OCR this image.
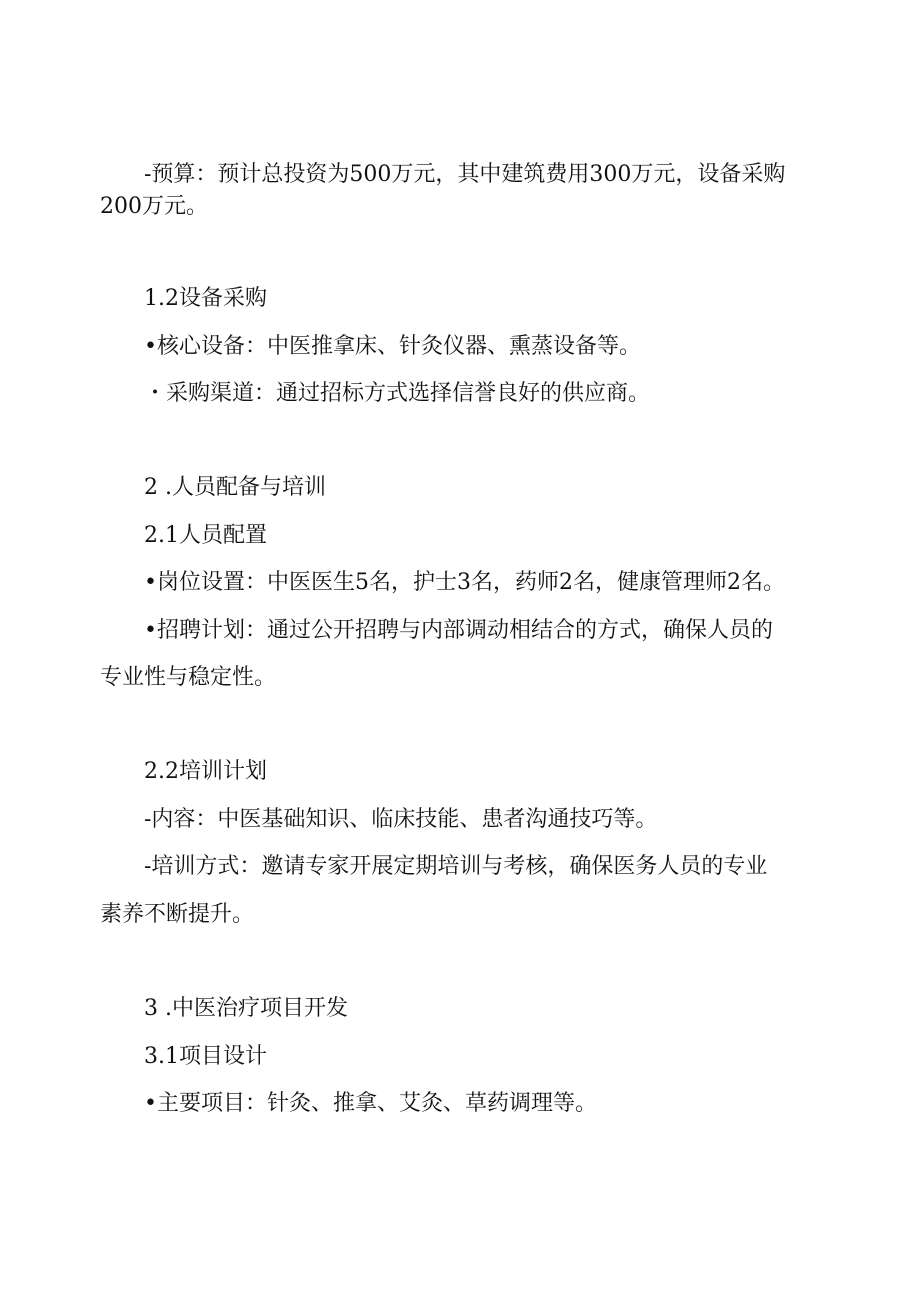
-预算：预计总投资为500万元，其中建筑费用300万元，设备采购
200万元。
1.2设备采购
•核心设备：中医推拿床、针灸仪器、熏蒸设备等。
・采购渠道：通过招标方式选择信誉良好的供应商。
2 .人员配备与培训
2.1人员配置
•岗位设置：中医医生5名，护士3名，药师2名，健康管理师2名。
•招聘计划：通过公开招聘与内部调动相结合的方式，确保人员的
专业性与稳定性。
2.2培训计划
-内容：中医基础知识、临床技能、患者沟通技巧等。
-培训方式：邀请专家开展定期培训与考核，确保医务人员的专业
素养不断提升。
3 .中医治疗项目开发
3.1项目设计
•主要项目：针灸、推拿、艾灸、草药调理等。
